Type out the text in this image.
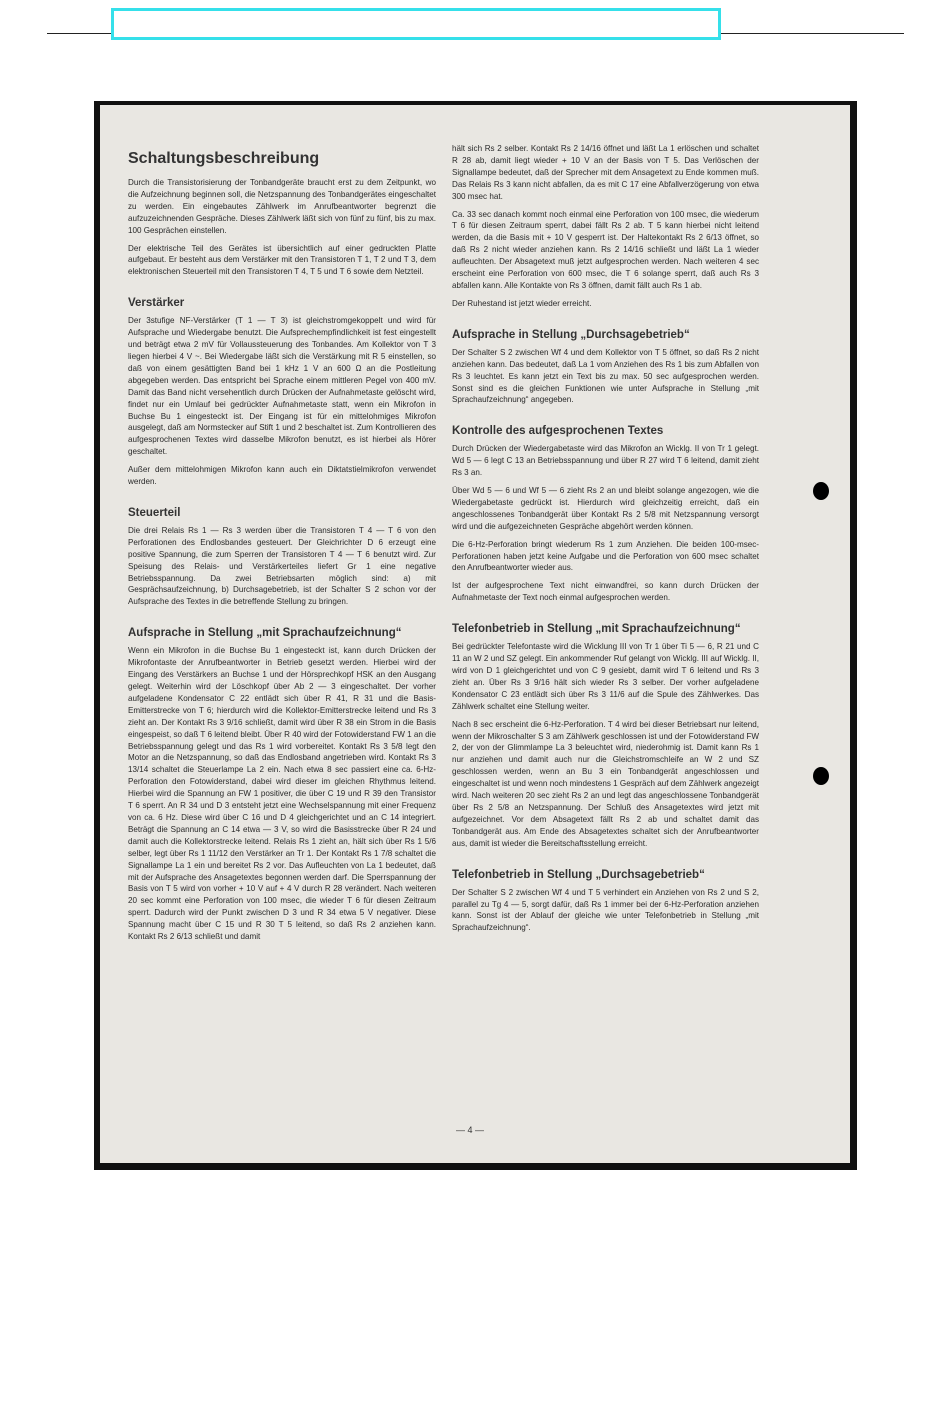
Schaltungsbeschreibung

Durch die Transistorisierung der Tonbandgeräte braucht erst zu dem Zeitpunkt, wo die Aufzeichnung beginnen soll, die Netzspannung des Tonbandgerätes eingeschaltet zu werden. Ein eingebautes Zählwerk im Anrufbeantworter begrenzt die aufzuzeichnenden Gespräche. Dieses Zählwerk läßt sich von fünf zu fünf, bis zu max. 100 Gesprächen einstellen.

Der elektrische Teil des Gerätes ist übersichtlich auf einer gedruckten Platte aufgebaut. Er besteht aus dem Verstärker mit den Transistoren T 1, T 2 und T 3, dem elektronischen Steuerteil mit den Transistoren T 4, T 5 und T 6 sowie dem Netzteil.

Verstärker

Der 3stufige NF-Verstärker (T 1 — T 3) ist gleichstromgekoppelt und wird für Aufsprache und Wiedergabe benutzt. Die Aufsprechempfindlichkeit ist fest eingestellt und beträgt etwa 2 mV für Vollaussteuerung des Tonbandes. Am Kollektor von T 3 liegen hierbei 4 V ~. Bei Wiedergabe läßt sich die Verstärkung mit R 5 einstellen, so daß von einem gesättigten Band bei 1 kHz 1 V an 600 Ω an die Postleitung abgegeben werden. Das entspricht bei Sprache einem mittleren Pegel von 400 mV. Damit das Band nicht versehentlich durch Drücken der Aufnahmetaste gelöscht wird, findet nur ein Umlauf bei gedrückter Aufnahmetaste statt, wenn ein Mikrofon in Buchse Bu 1 eingesteckt ist. Der Eingang ist für ein mittelohmiges Mikrofon ausgelegt, daß am Normstecker auf Stift 1 und 2 beschaltet ist. Zum Kontrollieren des aufgesprochenen Textes wird dasselbe Mikrofon benutzt, es ist hierbei als Hörer geschaltet.

Außer dem mittelohmigen Mikrofon kann auch ein Diktatstielmikrofon verwendet werden.

Steuerteil

Die drei Relais Rs 1 — Rs 3 werden über die Transistoren T 4 — T 6 von den Perforationen des Endlosbandes gesteuert. Der Gleichrichter D 6 erzeugt eine positive Spannung, die zum Sperren der Transistoren T 4 — T 6 benutzt wird. Zur Speisung des Relais- und Verstärkerteiles liefert Gr 1 eine negative Betriebsspannung. Da zwei Betriebsarten möglich sind: a) mit Gesprächsaufzeichnung, b) Durchsagebetrieb, ist der Schalter S 2 schon vor der Aufsprache des Textes in die betreffende Stellung zu bringen.

Aufsprache in Stellung „mit Sprachaufzeichnung“

Wenn ein Mikrofon in die Buchse Bu 1 eingesteckt ist, kann durch Drücken der Mikrofontaste der Anrufbeantworter in Betrieb gesetzt werden. Hierbei wird der Eingang des Verstärkers an Buchse 1 und der Hörsprechkopf HSK an den Ausgang gelegt. Weiterhin wird der Löschkopf über Ab 2 — 3 eingeschaltet. Der vorher aufgeladene Kondensator C 22 entlädt sich über R 41, R 31 und die Basis-Emitterstrecke von T 6; hierdurch wird die Kollektor-Emitterstrecke leitend und Rs 3 zieht an. Der Kontakt Rs 3 9/16 schließt, damit wird über R 38 ein Strom in die Basis eingespeist, so daß T 6 leitend bleibt. Über R 40 wird der Fotowiderstand FW 1 an die Betriebsspannung gelegt und das Rs 1 wird vorbereitet. Kontakt Rs 3 5/8 legt den Motor an die Netzspannung, so daß das Endlosband angetrieben wird. Kontakt Rs 3 13/14 schaltet die Steuerlampe La 2 ein. Nach etwa 8 sec passiert eine ca. 6-Hz-Perforation den Fotowiderstand, dabei wird dieser im gleichen Rhythmus leitend. Hierbei wird die Spannung an FW 1 positiver, die über C 19 und R 39 den Transistor T 6 sperrt. An R 34 und D 3 entsteht jetzt eine Wechselspannung mit einer Frequenz von ca. 6 Hz. Diese wird über C 16 und D 4 gleichgerichtet und an C 14 integriert. Beträgt die Spannung an C 14 etwa — 3 V, so wird die Basisstrecke über R 24 und damit auch die Kollektorstrecke leitend. Relais Rs 1 zieht an, hält sich über Rs 1 5/6 selber, legt über Rs 1 11/12 den Verstärker an Tr 1. Der Kontakt Rs 1 7/8 schaltet die Signallampe La 1 ein und bereitet Rs 2 vor. Das Aufleuchten von La 1 bedeutet, daß mit der Aufsprache des Ansagetextes begonnen werden darf. Die Sperrspannung der Basis von T 5 wird von vorher + 10 V auf + 4 V durch R 28 verändert. Nach weiteren 20 sec kommt eine Perforation von 100 msec, die wieder T 6 für diesen Zeitraum sperrt. Dadurch wird der Punkt zwischen D 3 und R 34 etwa 5 V negativer. Diese Spannung macht über C 15 und R 30 T 5 leitend, so daß Rs 2 anziehen kann. Kontakt Rs 2 6/13 schließt und damit

hält sich Rs 2 selber. Kontakt Rs 2 14/16 öffnet und läßt La 1 erlöschen und schaltet R 28 ab, damit liegt wieder + 10 V an der Basis von T 5. Das Verlöschen der Signallampe bedeutet, daß der Sprecher mit dem Ansagetext zu Ende kommen muß. Das Relais Rs 3 kann nicht abfallen, da es mit C 17 eine Abfallverzögerung von etwa 300 msec hat.

Ca. 33 sec danach kommt noch einmal eine Perforation von 100 msec, die wiederum T 6 für diesen Zeitraum sperrt, dabei fällt Rs 2 ab. T 5 kann hierbei nicht leitend werden, da die Basis mit + 10 V gesperrt ist. Der Haltekontakt Rs 2 6/13 öffnet, so daß Rs 2 nicht wieder anziehen kann. Rs 2 14/16 schließt und läßt La 1 wieder aufleuchten. Der Absagetext muß jetzt aufgesprochen werden. Nach weiteren 4 sec erscheint eine Perforation von 600 msec, die T 6 solange sperrt, daß auch Rs 3 abfallen kann. Alle Kontakte von Rs 3 öffnen, damit fällt auch Rs 1 ab.

Der Ruhestand ist jetzt wieder erreicht.

Aufsprache in Stellung „Durchsagebetrieb“

Der Schalter S 2 zwischen Wf 4 und dem Kollektor von T 5 öffnet, so daß Rs 2 nicht anziehen kann. Das bedeutet, daß La 1 vom Anziehen des Rs 1 bis zum Abfallen von Rs 3 leuchtet. Es kann jetzt ein Text bis zu max. 50 sec aufgesprochen werden. Sonst sind es die gleichen Funktionen wie unter Aufsprache in Stellung „mit Sprachaufzeichnung“ angegeben.

Kontrolle des aufgesprochenen Textes

Durch Drücken der Wiedergabetaste wird das Mikrofon an Wicklg. II von Tr 1 gelegt. Wd 5 — 6 legt C 13 an Betriebsspannung und über R 27 wird T 6 leitend, damit zieht Rs 3 an.

Über Wd 5 — 6 und Wf 5 — 6 zieht Rs 2 an und bleibt solange angezogen, wie die Wiedergabetaste gedrückt ist. Hierdurch wird gleichzeitig erreicht, daß ein angeschlossenes Tonbandgerät über Kontakt Rs 2 5/8 mit Netzspannung versorgt wird und die aufgezeichneten Gespräche abgehört werden können.

Die 6-Hz-Perforation bringt wiederum Rs 1 zum Anziehen. Die beiden 100-msec-Perforationen haben jetzt keine Aufgabe und die Perforation von 600 msec schaltet den Anrufbeantworter wieder aus.

Ist der aufgesprochene Text nicht einwandfrei, so kann durch Drücken der Aufnahmetaste der Text noch einmal aufgesprochen werden.

Telefonbetrieb in Stellung „mit Sprachaufzeichnung“

Bei gedrückter Telefontaste wird die Wicklung III von Tr 1 über Ti 5 — 6, R 21 und C 11 an W 2 und SZ gelegt. Ein ankommender Ruf gelangt von Wicklg. III auf Wicklg. II, wird von D 1 gleichgerichtet und von C 9 gesiebt, damit wird T 6 leitend und Rs 3 zieht an. Über Rs 3 9/16 hält sich wieder Rs 3 selber. Der vorher aufgeladene Kondensator C 23 entlädt sich über Rs 3 11/6 auf die Spule des Zählwerkes. Das Zählwerk schaltet eine Stellung weiter.

Nach 8 sec erscheint die 6-Hz-Perforation. T 4 wird bei dieser Betriebsart nur leitend, wenn der Mikroschalter S 3 am Zählwerk geschlossen ist und der Fotowiderstand FW 2, der von der Glimmlampe La 3 beleuchtet wird, niederohmig ist. Damit kann Rs 1 nur anziehen und damit auch nur die Gleichstromschleife an W 2 und SZ geschlossen werden, wenn an Bu 3 ein Tonbandgerät angeschlossen und eingeschaltet ist und wenn noch mindestens 1 Gespräch auf dem Zählwerk angezeigt wird. Nach weiteren 20 sec zieht Rs 2 an und legt das angeschlossene Tonbandgerät über Rs 2 5/8 an Netzspannung. Der Schluß des Ansagetextes wird jetzt mit aufgezeichnet. Vor dem Absagetext fällt Rs 2 ab und schaltet damit das Tonbandgerät aus. Am Ende des Absagetextes schaltet sich der Anrufbeantworter aus, damit ist wieder die Bereitschaftsstellung erreicht.

Telefonbetrieb in Stellung „Durchsagebetrieb“

Der Schalter S 2 zwischen Wf 4 und T 5 verhindert ein Anziehen von Rs 2 und S 2, parallel zu Tg 4 — 5, sorgt dafür, daß Rs 1 immer bei der 6-Hz-Perforation anziehen kann. Sonst ist der Ablauf der gleiche wie unter Telefonbetrieb in Stellung „mit Sprachaufzeichnung“.

— 4 —
